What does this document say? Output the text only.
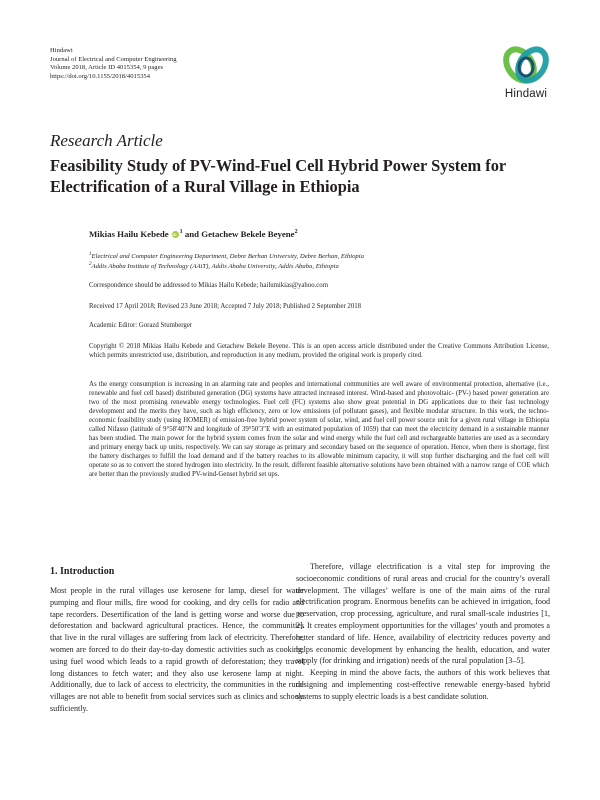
Hindawi
Journal of Electrical and Computer Engineering
Volume 2018, Article ID 4015354, 9 pages
https://doi.org/10.1155/2018/4015354
Hindawi
Research Article
Feasibility Study of PV-Wind-Fuel Cell Hybrid Power System for
Electrification of a Rural Village in Ethiopia
Mikias Hailu KebedeiD $^1$ and Getachew Bekele Beyene$^2$
$^1$Electrical and Computer Engineering Department, Debre Berhan University, Debre Berhan, Ethiopia
$^2$Addis Ababa Institute of Technology (AAiT), Addis Ababa University, Addis Ababa, Ethiopia
Correspondence should be addressed to Mikias Hailu Kebede; hailumikias@yahoo.com
Received 17 April 2018; Revised 23 June 2018; Accepted 7 July 2018; Published 2 September 2018
Academic Editor: Gorazd Stumberger

Copyright © 2018 Mikias Hailu Kebede and Getachew Bekele Beyene. This is an open access article distributed under the Creative Commons Attribution License, which permits unrestricted use, distribution, and reproduction in any medium, provided the original work is properly cited.

As the energy consumption is increasing in an alarming rate and peoples and international communities are well aware of environmental protection, alternative (i.e., renewable and fuel cell based) distributed generation (DG) systems have attracted increased interest. Wind-based and photovoltaic- (PV-) based power generation are two of the most promising renewable energy technologies. Fuel cell (FC) systems also show great potential in DG applications due to their fast technology development and the merits they have, such as high efficiency, zero or low emissions (of pollutant gases), and flexible modular structure. In this work, the techno-economic feasibility study (using HOMER) of emission-free hybrid power system of solar, wind, and fuel cell power source unit for a given rural village in Ethiopia called Nifasso (latitude of 9°58′40″N and longitude of 39°50′3″E with an estimated population of 1059) that can meet the electricity demand in a sustainable manner has been studied. The main power for the hybrid system comes from the solar and wind energy while the fuel cell and rechargeable batteries are used as a secondary and primary energy back up units, respectively. We can say storage as primary and secondary based on the sequence of operation. Hence, when there is shortage, first the battery discharges to fulfill the load demand and if the battery reaches to its allowable minimum capacity, it will stop further discharging and the fuel cell will operate so as to convert the stored hydrogen into electricity. In the result, different feasible alternative solutions have been obtained with a narrow range of COE which are better than the previously studied PV-wind-Genset hybrid set ups.

1. Introduction

Most people in the rural villages use kerosene for lamp, diesel for water pumping and flour mills, fire wood for cooking, and dry cells for radio and tape recorders. Desertification of the land is getting worse and worse due to deforestation and backward agricultural practices. Hence, the communities that live in the rural villages are suffering from lack of electricity. Therefore, women are forced to do their day-to-day domestic activities such as cooking, using fuel wood which leads to a rapid growth of deforestation; they travel long distances to fetch water; and they also use kerosene lamp at night. Additionally, due to lack of access to electricity, the communities in the rural villages are not able to benefit from social services such as clinics and schools sufficiently.

Therefore, village electrification is a vital step for improving the socioeconomic conditions of rural areas and crucial for the country’s overall development. The villages’ welfare is one of the main aims of the rural electrification program. Enormous benefits can be achieved in irrigation, food preservation, crop processing, agriculture, and rural small-scale industries [1, 2]. It creates employment opportunities for the villages’ youth and promotes a better standard of life. Hence, availability of electricity reduces poverty and helps economic development by enhancing the health, education, and water supply (for drinking and irrigation) needs of the rural population [3–5].

Keeping in mind the above facts, the authors of this work believes that designing and implementing cost-effective renewable energy-based hybrid systems to supply electric loads is a best candidate solution.
